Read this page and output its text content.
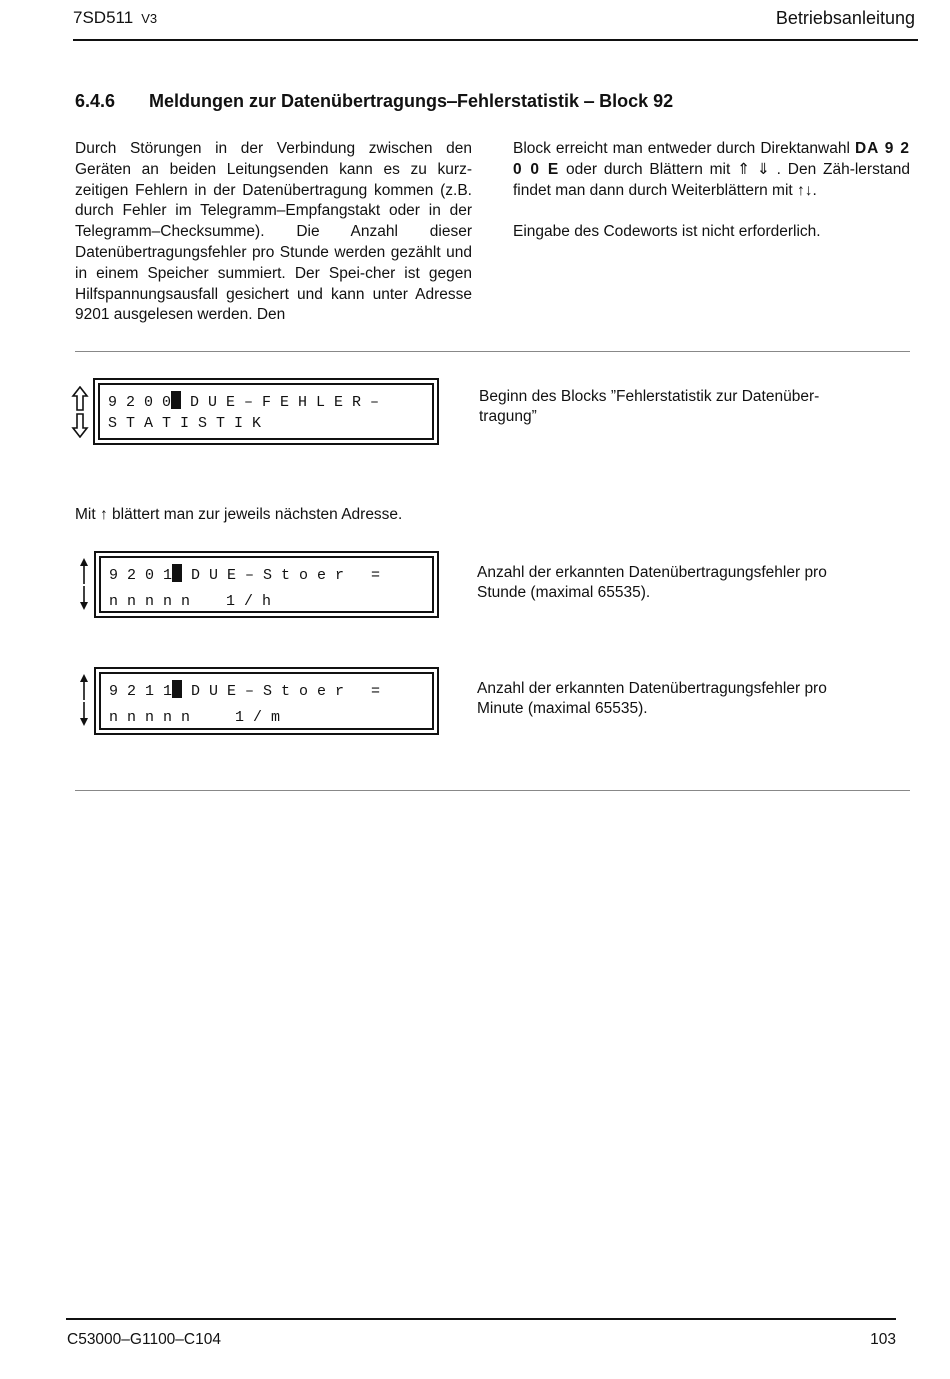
7SD511 V3	Betriebsanleitung
6.4.6 Meldungen zur Datenübertragungs‒Fehlerstatistik ‒ Block 92
Durch Störungen in der Verbindung zwischen den Geräten an beiden Leitungsenden kann es zu kurz-zeitigen Fehlern in der Datenübertragung kommen (z.B. durch Fehler im Telegramm‒Empfangstakt oder in der Telegramm‒Checksumme). Die Anzahl dieser Datenübertragungsfehler pro Stunde werden gezählt und in einem Speicher summiert. Der Spei-cher ist gegen Hilfspannungsausfall gesichert und kann unter Adresse 9201 ausgelesen werden. Den

Block erreicht man entweder durch Direktanwahl DA 9 2 0 0 E oder durch Blättern mit ⇑ ⇓ . Den Zäh-lerstand findet man dann durch Weiterblättern mit ↑↓.

Eingabe des Codeworts ist nicht erforderlich.

9 2 0 0 D U E ‒ F E H L E R ‒
S T A T I S T I K
Beginn des Blocks ”Fehlerstatistik zur Datenüber-tragung”
Mit ↑ blättert man zur jeweils nächsten Adresse.
9 2 0 1 D U E ‒ S t o e r   =
n n n n n    1 / h
Anzahl der erkannten Datenübertragungsfehler pro Stunde (maximal 65535).
9 2 1 1 D U E ‒ S t o e r   =
n n n n n     1 / m
Anzahl der erkannten Datenübertragungsfehler pro Minute (maximal 65535).
C53000‒G1100‒C104	103
